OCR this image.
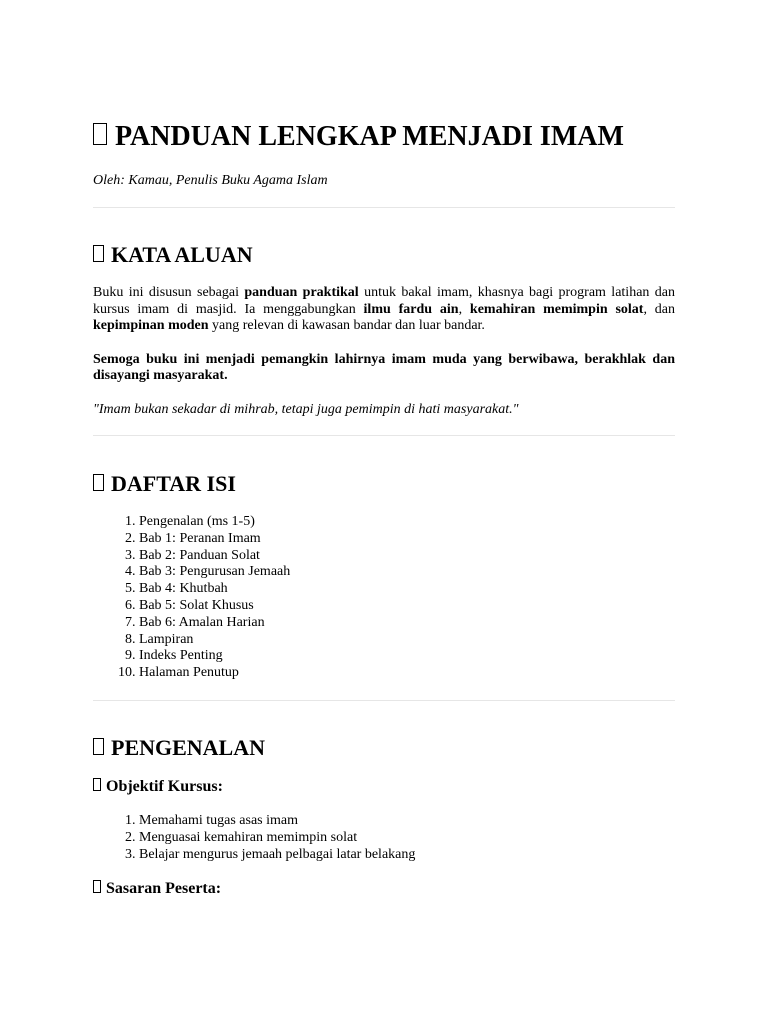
PANDUAN LENGKAP MENJADI IMAM
Oleh: Kamau, Penulis Buku Agama Islam
KATA ALUAN

Buku ini disusun sebagai panduan praktikal untuk bakal imam, khasnya bagi program latihan dan kursus imam di masjid. Ia menggabungkan ilmu fardu ain, kemahiran memimpin solat, dan kepimpinan moden yang relevan di kawasan bandar dan luar bandar.

Semoga buku ini menjadi pemangkin lahirnya imam muda yang berwibawa, berakhlak dan disayangi masyarakat.

"Imam bukan sekadar di mihrab, tetapi juga pemimpin di hati masyarakat."

DAFTAR ISI
1. Pengenalan (ms 1-5)
2. Bab 1: Peranan Imam
3. Bab 2: Panduan Solat
4. Bab 3: Pengurusan Jemaah
5. Bab 4: Khutbah
6. Bab 5: Solat Khusus
7. Bab 6: Amalan Harian
8. Lampiran
9. Indeks Penting
10. Halaman Penutup
PENGENALAN
Objektif Kursus:
1. Memahami tugas asas imam
2. Menguasai kemahiran memimpin solat
3. Belajar mengurus jemaah pelbagai latar belakang
Sasaran Peserta:
